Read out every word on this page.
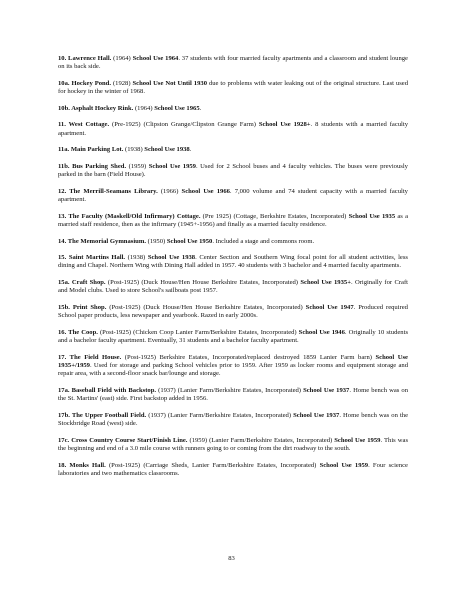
10. Lawrence Hall. (1964) School Use 1964. 37 students with four married faculty apartments and a classroom and student lounge on its back side.

10a. Hockey Pond. (1928) School Use Not Until 1930 due to problems with water leaking out of the original structure. Last used for hockey in the winter of 1968.

10b. Asphalt Hockey Rink. (1964) School Use 1965.

11. West Cottage. (Pre-1925) (Clipston Grange/Clipston Grange Farm) School Use 1928+. 8 students with a married faculty apartment.

11a. Main Parking Lot. (1938) School Use 1938.

11b. Bus Parking Shed. (1959) School Use 1959. Used for 2 School buses and 4 faculty vehicles. The buses were previously parked in the barn (Field House).

12. The Merrill-Seamans Library. (1966) School Use 1966. 7,000 volume and 74 student capacity with a married faculty apartment.

13. The Faculty (Maskell/Old Infirmary) Cottage. (Pre 1925) (Cottage, Berkshire Estates, Incorporated) School Use 1935 as a married staff residence, then as the infirmary (1945+-1956) and finally as a married faculty residence.

14. The Memorial Gymnasium. (1950) School Use 1950. Included a stage and commons room.

15. Saint Martins Hall. (1938) School Use 1938. Center Section and Southern Wing focal point for all student activities, less dining and Chapel. Northern Wing with Dining Hall added in 1957. 40 students with 3 bachelor and 4 married faculty apartments.

15a. Craft Shop. (Post-1925) (Duck House/Hen House Berkshire Estates, Incorporated) School Use 1935+. Originally for Craft and Model clubs. Used to store School's sailboats post 1957.

15b. Print Shop. (Post-1925) (Duck House/Hen House Berkshire Estates, Incorporated) School Use 1947. Produced required School paper products, less newspaper and yearbook. Razed in early 2000s.

16. The Coop. (Post-1925) (Chicken Coop Lanier Farm/Berkshire Estates, Incorporated) School Use 1946. Originally 10 students and a bachelor faculty apartment. Eventually, 31 students and a bachelor faculty apartment.

17. The Field House. (Post-1925) Berkshire Estates, Incorporated/replaced destroyed 1859 Lanier Farm barn) School Use 1935+/1959. Used for storage and parking School vehicles prior to 1959. After 1959 as locker rooms and equipment storage and repair area, with a second-floor snack bar/lounge and storage.

17a. Baseball Field with Backstop. (1937) (Lanier Farm/Berkshire Estates, Incorporated) School Use 1937. Home bench was on the St. Martins' (east) side. First backstop added in 1956.

17b. The Upper Football Field. (1937) (Lanier Farm/Berkshire Estates, Incorporated) School Use 1937. Home bench was on the Stockbridge Road (west) side.

17c. Cross Country Course Start/Finish Line. (1959) (Lanier Farm/Berkshire Estates, Incorporated) School Use 1959. This was the beginning and end of a 3.0 mile course with runners going to or coming from the dirt roadway to the south.

18. Monks Hall. (Post-1925) (Carriage Sheds, Lanier Farm/Berkshire Estates, Incorporated) School Use 1959. Four science laboratories and two mathematics classrooms.

83
